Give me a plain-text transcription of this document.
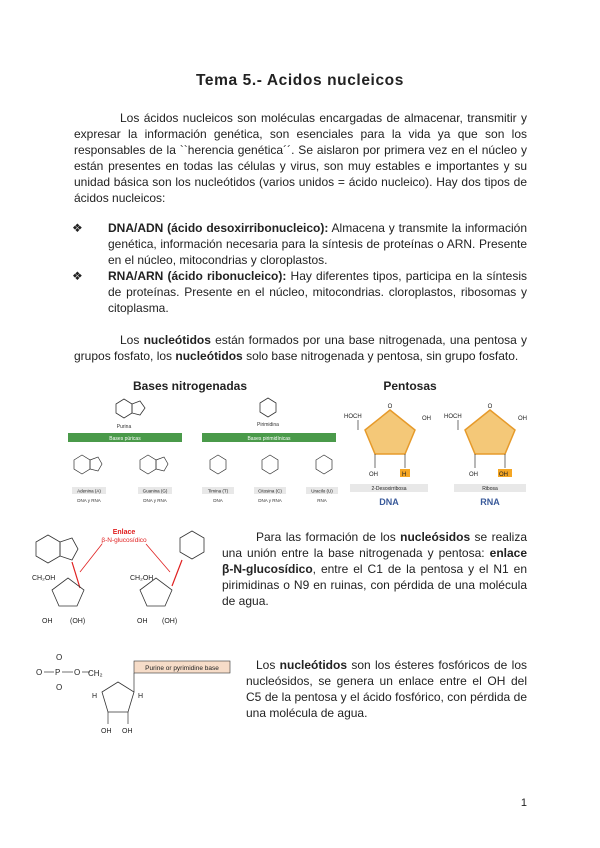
Tema 5.- Acidos nucleicos
Los ácidos nucleicos son moléculas encargadas de almacenar, transmitir y expresar la información genética, son esenciales para la vida ya que son los responsables de la ``herencia genética´´. Se aislaron por primera vez en el núcleo y están presentes en todas las células y virus, son muy estables e importantes y su unidad básica son los nucleótidos (varios unidos = ácido nucleico). Hay dos tipos de ácidos nucleicos:
❖	DNA/ADN (ácido desoxirribonucleico): Almacena y transmite la información genética, información necesaria para la síntesis de proteínas o ARN. Presente en el núcleo, mitocondrias y cloroplastos.
❖	RNA/ARN (ácido ribonucleico): Hay diferentes tipos, participa en la síntesis de proteínas. Presente en el núcleo, mitocondrias. cloroplastos, ribosomas y citoplasma.
Los nucleótidos están formados por una base nitrogenada, una pentosa y grupos fosfato, los nucleótidos solo base nitrogenada y pentosa, sin grupo fosfato.
Bases nitrogenadas	Pentosas
Purina	Pirimidina
Bases púricas	Bases pirimidínicas
Adenina (A)
DNA y RNA
Guanina (G)
DNA y RNA
Timina (T)
DNA
Citosina (C)
DNA y RNA
Uracilo (U)
RNA
HOCH
O
OH
OH	H
2-Desoxirribosa
DNA
HOCH
O
OH
OH	OH
Ribosa
RNA
CH₂OH
OH	(OH)
Enlace
β-N-glucosídico
CH₂OH
OH (OH)
Para las formación de los nucleósidos se realiza una unión entre la base nitrogenada y pentosa: enlace β-N-glucosídico, entre el C1 de la pentosa y el N1 en pirimidinas o N9 en ruinas, con pérdida de una molécula de agua.
O P
O
O
O CH₂
Purine or pyrimidine base
H	H
OH OH
Los nucleótidos son los ésteres fosfóricos de los nucleósidos, se genera un enlace entre el OH del C5 de la pentosa y el ácido fosfórico, con pérdida de una molécula de agua.
1
